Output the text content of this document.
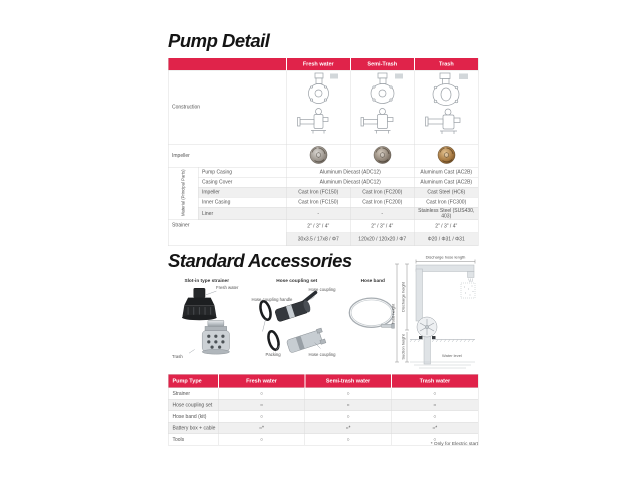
Pump Detail
		Fresh water	Semi-Trash	Trash
Construction			
Impeller			
Material (Principal Parts)	Pump Casing	Aluminum Diecast (ADC12)		Aluminum Cast (AC2B)
	Casing Cover	Aluminum Diecast (ADC12)		Aluminum Cast (AC2B)
	Impeller	Cast Iron (FC150)	Cast Iron (FC200)	Cast Steel (HC6)
	Inner Casing	Cast Iron (FC150)	Cast Iron (FC200)	Cast Iron (FC300)
	Liner	-	-	Stainless Steel (SUS430, 403)
Strainer		2" / 3" / 4"	2" / 3" / 4"	2" / 3" / 4"
		30x3.5 / 17x8 / Φ7	120x20 / 120x20 / Φ7	Φ20 / Φ31 / Φ31
Standard Accessories

Slot-in type strainer

Fresh water
Trash

Hose coupling set

Hose coupling
Hose coupling handle
Packing	Hose coupling

Hose band

Discharge hose length
Total height
Discharge height
Suction height	Water level
Pump Type	Fresh water	Semi-trash water	Trash water
Strainer	○	○	○
Hose coupling set	○	○	○
Hose band (kit)	○	○	○
Battery box + cable	○*	○*	○*
Tools	○	○	○
* Only for Electric start
